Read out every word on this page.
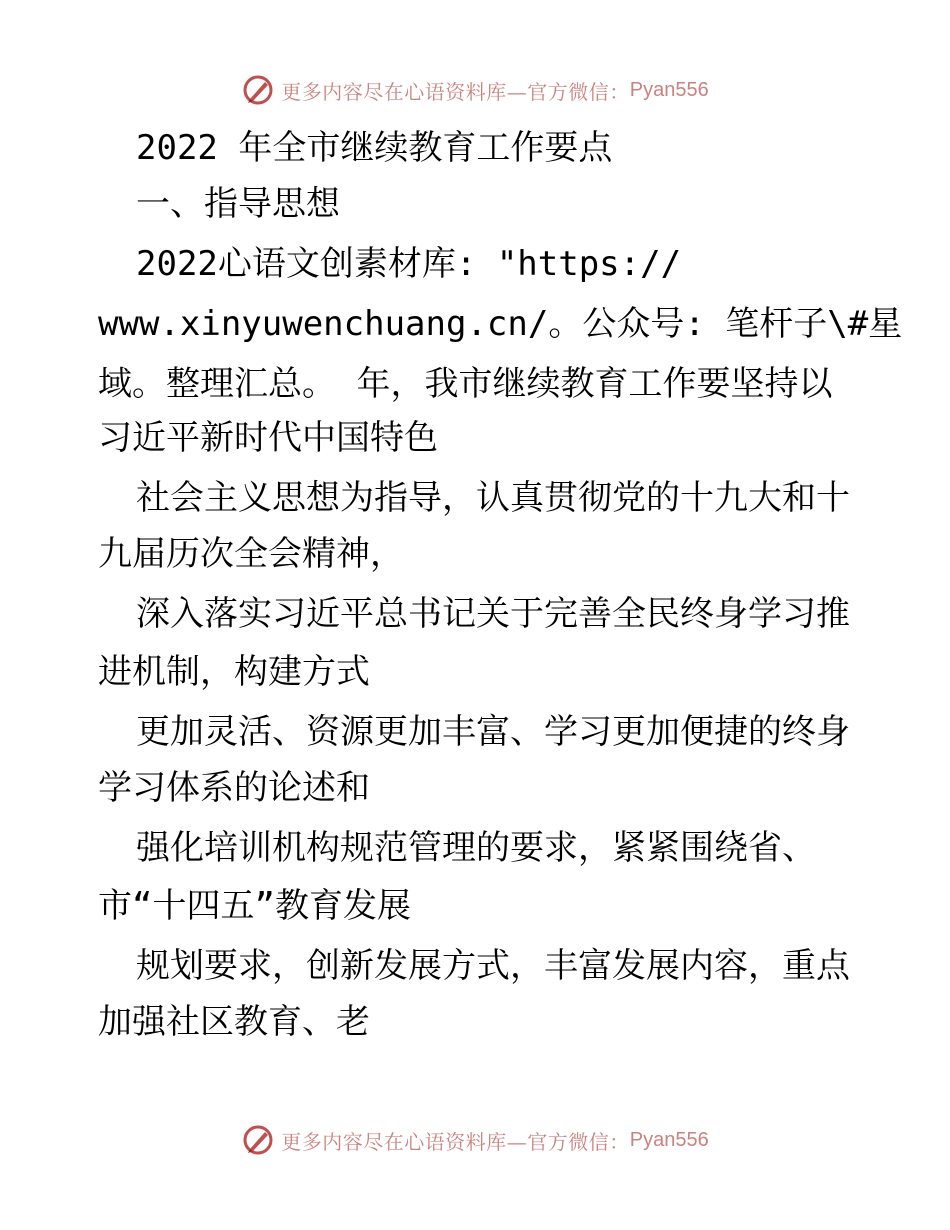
更多内容尽在心语资料库—官方微信： Pyan556
2022 年全市继续教育工作要点
一、指导思想
2022心语文创素材库: "https://
www.xinyuwenchuang.cn/。公众号: 笔杆子\#星
域。整理汇总。 年，我市继续教育工作要坚持以
习近平新时代中国特色
社会主义思想为指导，认真贯彻党的十九大和十
九届历次全会精神，
深入落实习近平总书记关于完善全民终身学习推
进机制，构建方式
更加灵活、资源更加丰富、学习更加便捷的终身
学习体系的论述和
强化培训机构规范管理的要求，紧紧围绕省、
市“十四五”教育发展
规划要求，创新发展方式，丰富发展内容，重点
加强社区教育、老
更多内容尽在心语资料库—官方微信： Pyan556
